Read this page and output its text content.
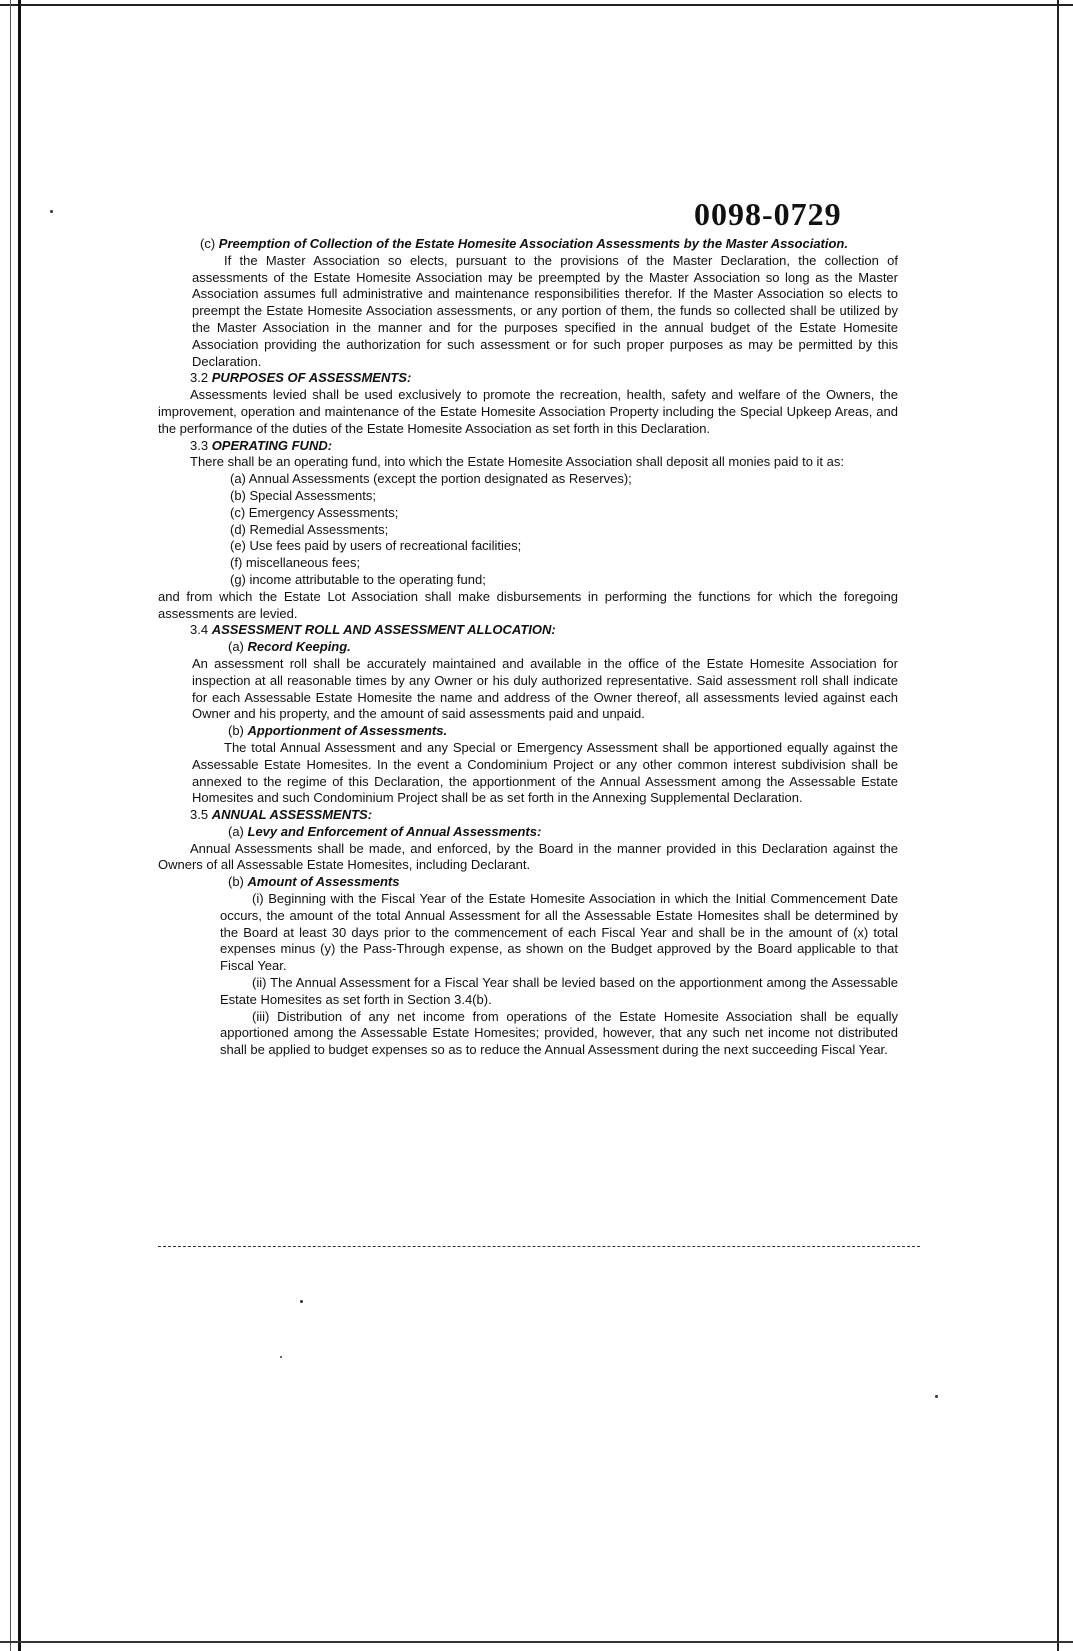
0098-0729

(c) Preemption of Collection of the Estate Homesite Association Assessments by the Master Association.

If the Master Association so elects, pursuant to the provisions of the Master Declaration, the collection of assessments of the Estate Homesite Association may be preempted by the Master Association so long as the Master Association assumes full administrative and maintenance responsibilities therefor. If the Master Association so elects to preempt the Estate Homesite Association assessments, or any portion of them, the funds so collected shall be utilized by the Master Association in the manner and for the purposes specified in the annual budget of the Estate Homesite Association providing the authorization for such assessment or for such proper purposes as may be permitted by this Declaration.

3.2 PURPOSES OF ASSESSMENTS:

Assessments levied shall be used exclusively to promote the recreation, health, safety and welfare of the Owners, the improvement, operation and maintenance of the Estate Homesite Association Property including the Special Upkeep Areas, and the performance of the duties of the Estate Homesite Association as set forth in this Declaration.

3.3 OPERATING FUND:

There shall be an operating fund, into which the Estate Homesite Association shall deposit all monies paid to it as:

(a) Annual Assessments (except the portion designated as Reserves);

(b) Special Assessments;

(c) Emergency Assessments;

(d) Remedial Assessments;

(e) Use fees paid by users of recreational facilities;

(f) miscellaneous fees;

(g) income attributable to the operating fund;

and from which the Estate Lot Association shall make disbursements in performing the functions for which the foregoing assessments are levied.

3.4 ASSESSMENT ROLL AND ASSESSMENT ALLOCATION:

(a) Record Keeping.

An assessment roll shall be accurately maintained and available in the office of the Estate Homesite Association for inspection at all reasonable times by any Owner or his duly authorized representative. Said assessment roll shall indicate for each Assessable Estate Homesite the name and address of the Owner thereof, all assessments levied against each Owner and his property, and the amount of said assessments paid and unpaid.

(b) Apportionment of Assessments.

The total Annual Assessment and any Special or Emergency Assessment shall be apportioned equally against the Assessable Estate Homesites. In the event a Condominium Project or any other common interest subdivision shall be annexed to the regime of this Declaration, the apportionment of the Annual Assessment among the Assessable Estate Homesites and such Condominium Project shall be as set forth in the Annexing Supplemental Declaration.

3.5 ANNUAL ASSESSMENTS:

(a) Levy and Enforcement of Annual Assessments:

Annual Assessments shall be made, and enforced, by the Board in the manner provided in this Declaration against the Owners of all Assessable Estate Homesites, including Declarant.

(b) Amount of Assessments

(i) Beginning with the Fiscal Year of the Estate Homesite Association in which the Initial Commencement Date occurs, the amount of the total Annual Assessment for all the Assessable Estate Homesites shall be determined by the Board at least 30 days prior to the commencement of each Fiscal Year and shall be in the amount of (x) total expenses minus (y) the Pass-Through expense, as shown on the Budget approved by the Board applicable to that Fiscal Year.

(ii) The Annual Assessment for a Fiscal Year shall be levied based on the apportionment among the Assessable Estate Homesites as set forth in Section 3.4(b).

(iii) Distribution of any net income from operations of the Estate Homesite Association shall be equally apportioned among the Assessable Estate Homesites; provided, however, that any such net income not distributed shall be applied to budget expenses so as to reduce the Annual Assessment during the next succeeding Fiscal Year.
